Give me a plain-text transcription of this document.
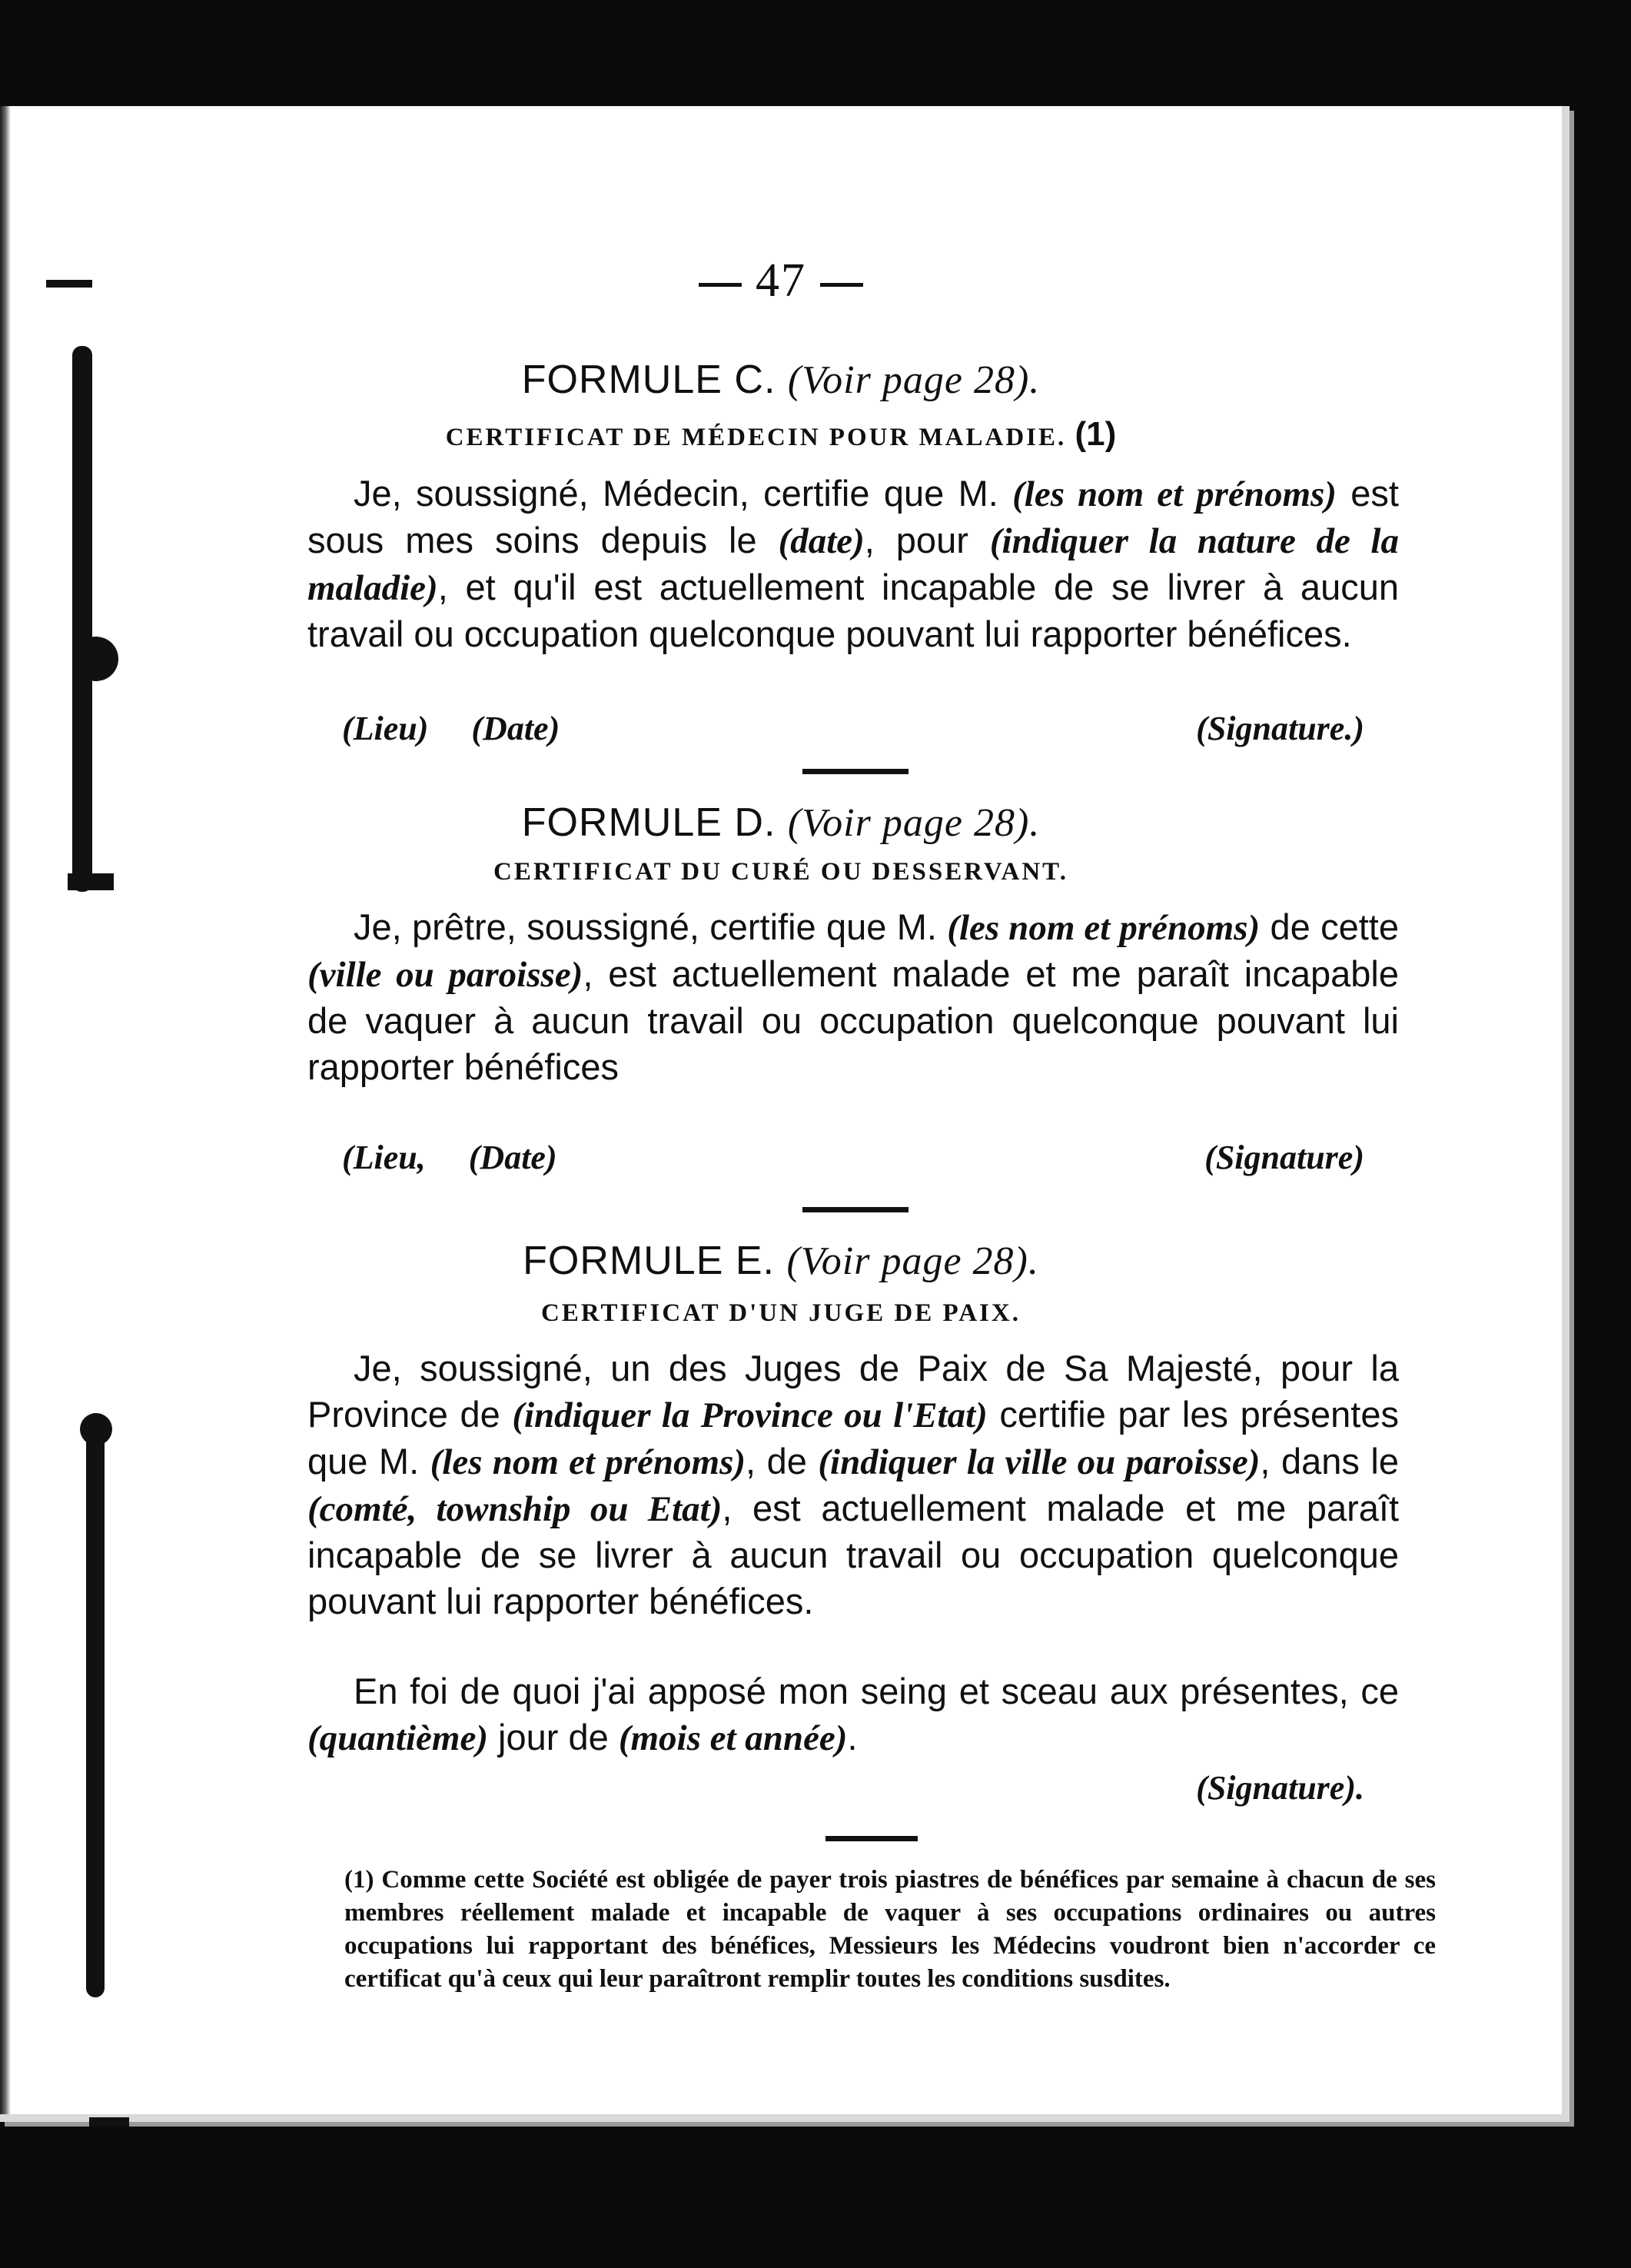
47
FORMULE C. (Voir page 28).
CERTIFICAT DE MÉDECIN POUR MALADIE. (1)
Je, soussigné, Médecin, certifie que M. (les nom et prénoms) est sous mes soins depuis le (date), pour (indiquer la nature de la maladie), et qu'il est actuellement incapable de se livrer à aucun travail ou occupation quelconque pouvant lui rapporter bénéfices.
(Lieu) (Date)	(Signature.)
FORMULE D. (Voir page 28).
CERTIFICAT DU CURÉ OU DESSERVANT.
Je, prêtre, soussigné, certifie que M. (les nom et prénoms) de cette (ville ou paroisse), est actuellement malade et me paraît incapable de vaquer à aucun travail ou occupation quelconque pouvant lui rapporter bénéfices
(Lieu, (Date)	(Signature)
FORMULE E. (Voir page 28).
CERTIFICAT D'UN JUGE DE PAIX.
Je, soussigné, un des Juges de Paix de Sa Majesté, pour la Province de (indiquer la Province ou l'Etat) certifie par les présentes que M. (les nom et prénoms), de (indiquer la ville ou paroisse), dans le (comté, township ou Etat), est actuellement malade et me paraît incapable de se livrer à aucun travail ou occupation quelconque pouvant lui rapporter bénéfices.
En foi de quoi j'ai apposé mon seing et sceau aux présentes, ce (quantième) jour de (mois et année).
(Signature).
(1) Comme cette Société est obligée de payer trois piastres de bénéfices par semaine à chacun de ses membres réellement malade et incapable de vaquer à ses occupations ordinaires ou autres occupations lui rapportant des bénéfices, Messieurs les Médecins voudront bien n'accorder ce certificat qu'à ceux qui leur paraîtront remplir toutes les conditions susdites.
